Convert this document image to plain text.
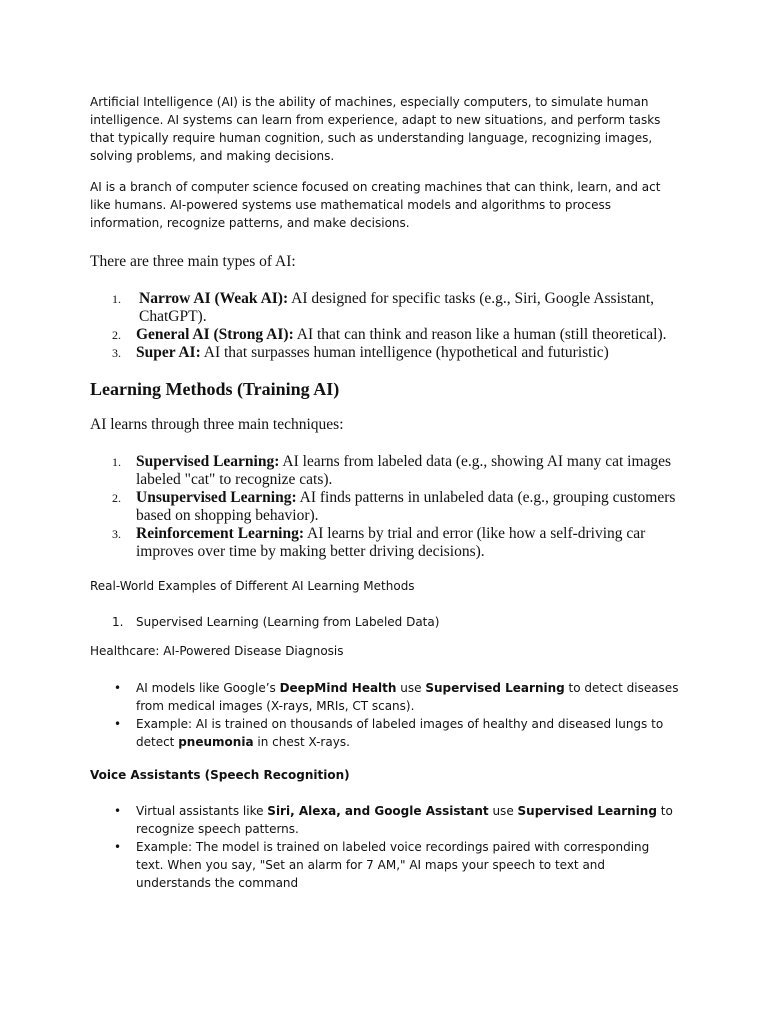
Artificial Intelligence (AI) is the ability of machines, especially computers, to simulate human intelligence. AI systems can learn from experience, adapt to new situations, and perform tasks that typically require human cognition, such as understanding language, recognizing images, solving problems, and making decisions.

AI is a branch of computer science focused on creating machines that can think, learn, and act like humans. AI-powered systems use mathematical models and algorithms to process information, recognize patterns, and make decisions.

There are three main types of AI:

1.	Narrow AI (Weak AI): AI designed for specific tasks (e.g., Siri, Google Assistant, ChatGPT).
2. General AI (Strong AI): AI that can think and reason like a human (still theoretical).
3. Super AI: AI that surpasses human intelligence (hypothetical and futuristic)
Learning Methods (Training AI)

AI learns through three main techniques:

1. Supervised Learning: AI learns from labeled data (e.g., showing AI many cat images labeled "cat" to recognize cats).
2. Unsupervised Learning: AI finds patterns in unlabeled data (e.g., grouping customers based on shopping behavior).
3. Reinforcement Learning: AI learns by trial and error (like how a self-driving car improves over time by making better driving decisions).

Real-World Examples of Different AI Learning Methods

1. Supervised Learning (Learning from Labeled Data)

Healthcare: AI-Powered Disease Diagnosis

• AI models like Google’s DeepMind Health use Supervised Learning to detect diseases from medical images (X-rays, MRIs, CT scans).
• Example: AI is trained on thousands of labeled images of healthy and diseased lungs to detect pneumonia in chest X-rays.

Voice Assistants (Speech Recognition)

• Virtual assistants like Siri, Alexa, and Google Assistant use Supervised Learning to recognize speech patterns.
• Example: The model is trained on labeled voice recordings paired with corresponding text. When you say, "Set an alarm for 7 AM," AI maps your speech to text and understands the command
